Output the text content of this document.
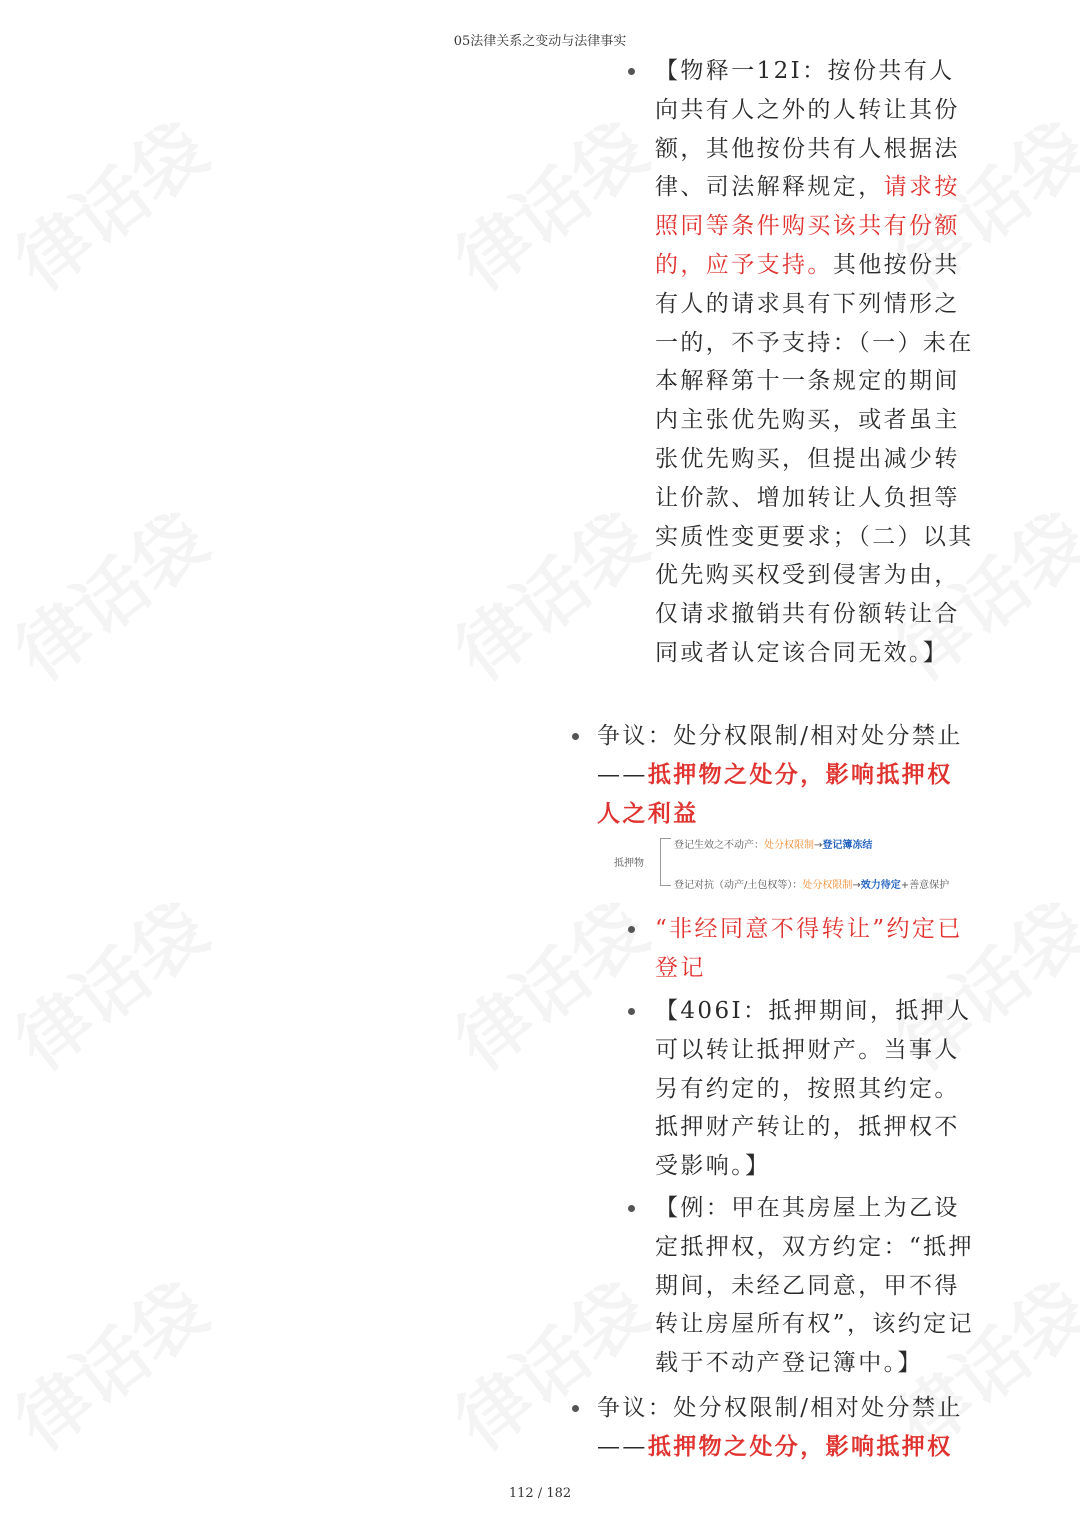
05法律关系之变动与法律事实
【物释一12I：按份共有人向共有人之外的人转让其份额，其他按份共有人根据法律、司法解释规定，请求按照同等条件购买该共有份额的，应予支持。其他按份共有人的请求具有下列情形之一的，不予支持：（一）未在本解释第十一条规定的期间内主张优先购买，或者虽主张优先购买，但提出减少转让价款、增加转让人负担等实质性变更要求；（二）以其优先购买权受到侵害为由，仅请求撤销共有份额转让合同或者认定该合同无效。】
争议：处分权限制/相对处分禁止——抵押物之处分，影响抵押权人之利益
抵押物
登记生效之不动产：处分权限制→登记簿冻结
登记对抗（动产/土包权等）：处分权限制→效力待定+善意保护
“非经同意不得转让”约定已登记
【406I：抵押期间，抵押人可以转让抵押财产。当事人另有约定的，按照其约定。抵押财产转让的，抵押权不受影响。】
【例：甲在其房屋上为乙设定抵押权，双方约定：“抵押期间，未经乙同意，甲不得转让房屋所有权”，该约定记载于不动产登记簿中。】
争议：处分权限制/相对处分禁止——抵押物之处分，影响抵押权
112 / 182
